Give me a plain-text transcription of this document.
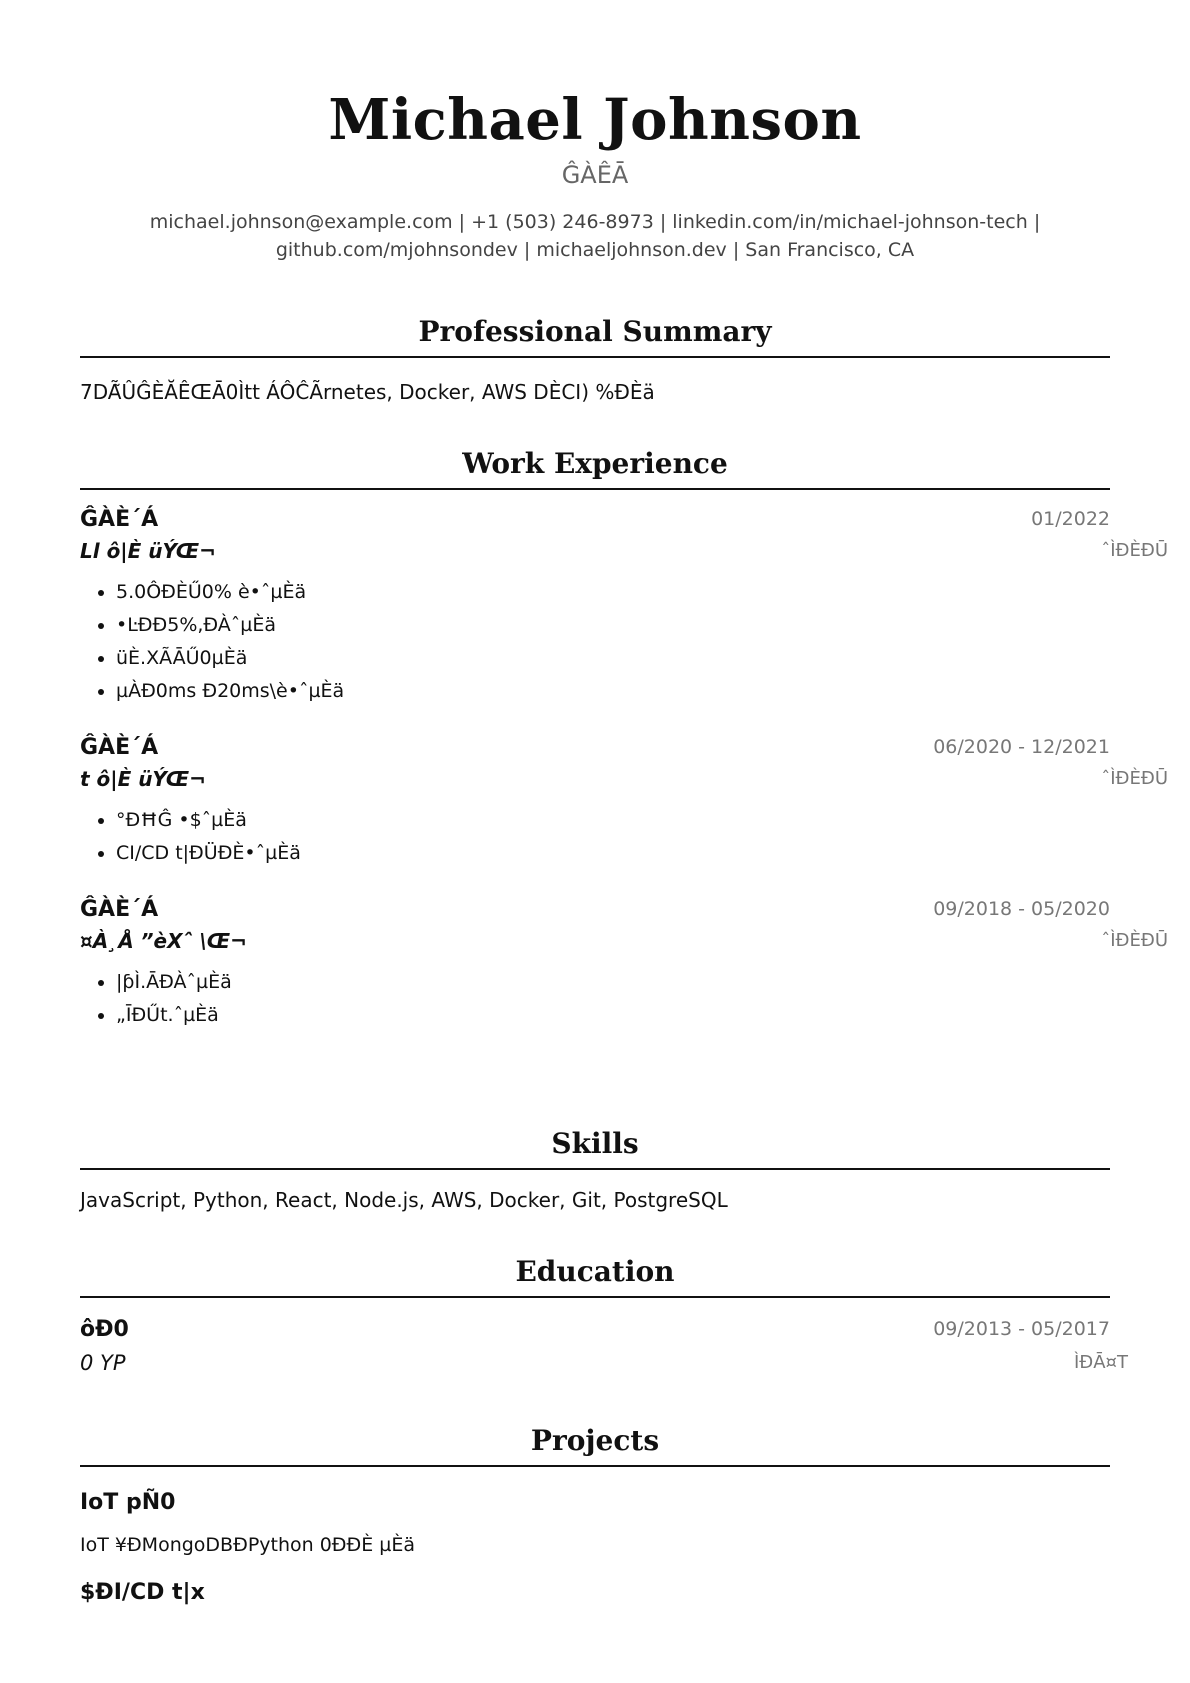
Michael Johnson
ĜÀÊĀ
michael.johnson@example.com | +1 (503) 246-8973 | linkedin.com/in/michael-johnson-tech |
github.com/mjohnsondev | michaeljohnson.dev | San Francisco, CA
Professional Summary
7DÃ̃ÛĜÈĂÊŒĀ0Ìtt ÁÔĈÃrnetes, Docker, AWS DÈCI) %ĐÈä
Work Experience
ĜÀÈ´Á	01/2022
Ll ô|È üÝŒ¬	ˆÌĐÈĐŪ
• 5.0ÔĐÈŰ0% è•ˆµÈä
• •ĿĐÐ5%,ĐÀˆµÈä
• üÈ.XÃĀŰ0µÈä
• µÀĐ0ms Đ20ms\è•ˆµÈä
ĜÀÈ´Á	06/2020 - 12/2021
t ô|È üÝŒ¬	ˆÌĐÈĐŪ
• °ĐĦĜ •$ˆµÈä
• CI/CD t|ĐÜĐÈ•ˆµÈä
ĜÀÈ´Á	09/2018 - 05/2020
¤À¸Å ”èXˆ \Œ¬	ˆÌĐÈĐŪ
• |ƥÌ.ĀĐÀˆµÈä
• „ĪĐŰt.ˆµÈä
Skills
JavaScript, Python, React, Node.js, AWS, Docker, Git, PostgreSQL
Education
ôĐ0	09/2013 - 05/2017
0 YP	ÌĐĀ¤T
Projects
IoT pÑ0
IoT ¥ĐMongoDBĐPython 0ĐĐÈ µÈä
$ĐI/CD t|x
